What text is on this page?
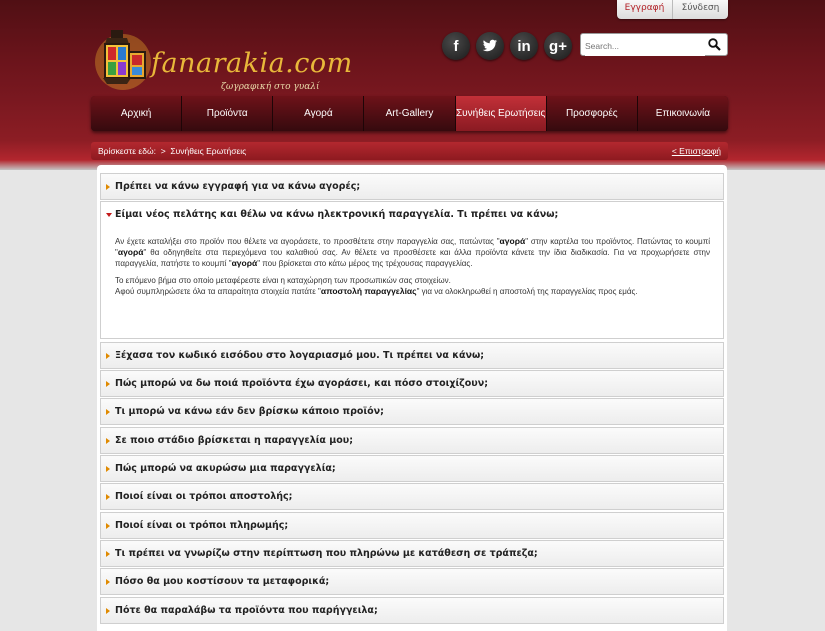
Εγγραφή	Σύνδεση
fanarakia.com
ζωγραφική στο γυαλί
f	in	g+
Search...
Αρχική	Προϊόντα	Αγορά	Art-Gallery	Συνήθεις Ερωτήσεις	Προσφορές	Επικοινωνία
Βρίσκεστε εδώ: > Συνήθεις Ερωτήσεις	< Επιστροφή
Πρέπει να κάνω εγγραφή για να κάνω αγορές;
Είμαι νέος πελάτης και θέλω να κάνω ηλεκτρονική παραγγελία. Τι πρέπει να κάνω;

Αν έχετε καταλήξει στο προϊόν που θέλετε να αγοράσετε, το προσθέτετε στην παραγγελία σας, πατώντας "αγορά" στην καρτέλα του προϊόντος. Πατώντας το κουμπί "αγορά" θα οδηγηθείτε στα περιεχόμενα του καλαθιού σας. Αν θέλετε να προσθέσετε και άλλα προϊόντα κάνετε την ίδια διαδικασία. Για να προχωρήσετε στην παραγγελία, πατήστε το κουμπί "αγορά" που βρίσκεται στο κάτω μέρος της τρέχουσας παραγγελίας.

Το επόμενο βήμα στο οποίο μεταφέρεστε είναι η καταχώρηση των προσωπικών σας στοιχείων.
Αφού συμπληρώσετε όλα τα απαραίτητα στοιχεία πατάτε "αποστολή παραγγελίας" για να ολοκληρωθεί η αποστολή της παραγγελίας προς εμάς.
Ξέχασα τον κωδικό εισόδου στο λογαριασμό μου. Τι πρέπει να κάνω;
Πώς μπορώ να δω ποιά προϊόντα έχω αγοράσει, και πόσο στοιχίζουν;
Τι μπορώ να κάνω εάν δεν βρίσκω κάποιο προϊόν;
Σε ποιο στάδιο βρίσκεται η παραγγελία μου;
Πώς μπορώ να ακυρώσω μια παραγγελία;
Ποιοί είναι οι τρόποι αποστολής;
Ποιοί είναι οι τρόποι πληρωμής;
Τι πρέπει να γνωρίζω στην περίπτωση που πληρώνω με κατάθεση σε τράπεζα;
Πόσο θα μου κοστίσουν τα μεταφορικά;
Πότε θα παραλάβω τα προϊόντα που παρήγγειλα;
